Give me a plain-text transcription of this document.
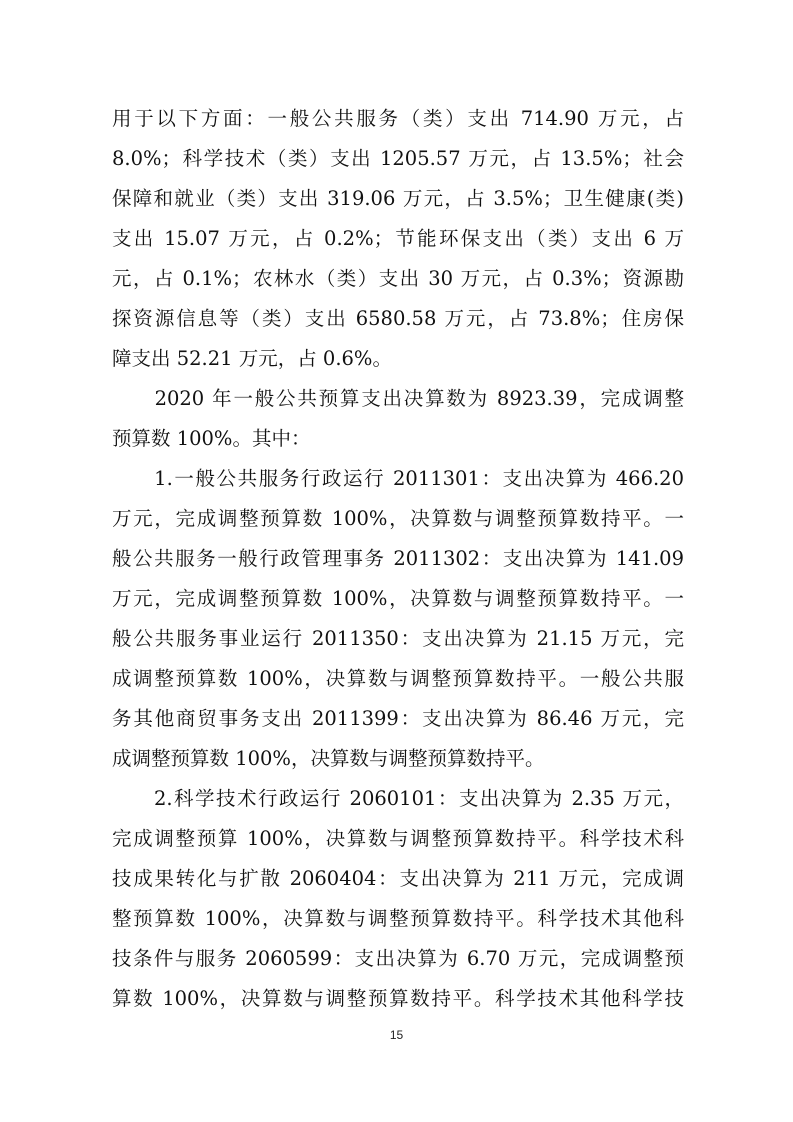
用于以下方面：一般公共服务（类）支出 714.90 万元，占
8.0%；科学技术（类）支出 1205.57 万元，占 13.5%；社会
保障和就业（类）支出 319.06 万元，占 3.5%；卫生健康(类)
支出 15.07 万元，占 0.2%；节能环保支出（类）支出 6 万
元，占 0.1%；农林水（类）支出 30 万元，占 0.3%；资源勘
探资源信息等（类）支出 6580.58 万元，占 73.8%；住房保
障支出 52.21 万元，占 0.6%。
　　2020 年一般公共预算支出决算数为 8923.39，完成调整
预算数 100%。其中：
　　1.一般公共服务行政运行 2011301：支出决算为 466.20
万元，完成调整预算数 100%，决算数与调整预算数持平。一
般公共服务一般行政管理事务 2011302：支出决算为 141.09
万元，完成调整预算数 100%，决算数与调整预算数持平。一
般公共服务事业运行 2011350：支出决算为 21.15 万元，完
成调整预算数 100%，决算数与调整预算数持平。一般公共服
务其他商贸事务支出 2011399：支出决算为 86.46 万元，完
成调整预算数 100%，决算数与调整预算数持平。
　　2.科学技术行政运行 2060101：支出决算为 2.35 万元，
完成调整预算 100%，决算数与调整预算数持平。科学技术科
技成果转化与扩散 2060404：支出决算为 211 万元，完成调
整预算数 100%，决算数与调整预算数持平。科学技术其他科
技条件与服务 2060599：支出决算为 6.70 万元，完成调整预
算数 100%，决算数与调整预算数持平。科学技术其他科学技
15
